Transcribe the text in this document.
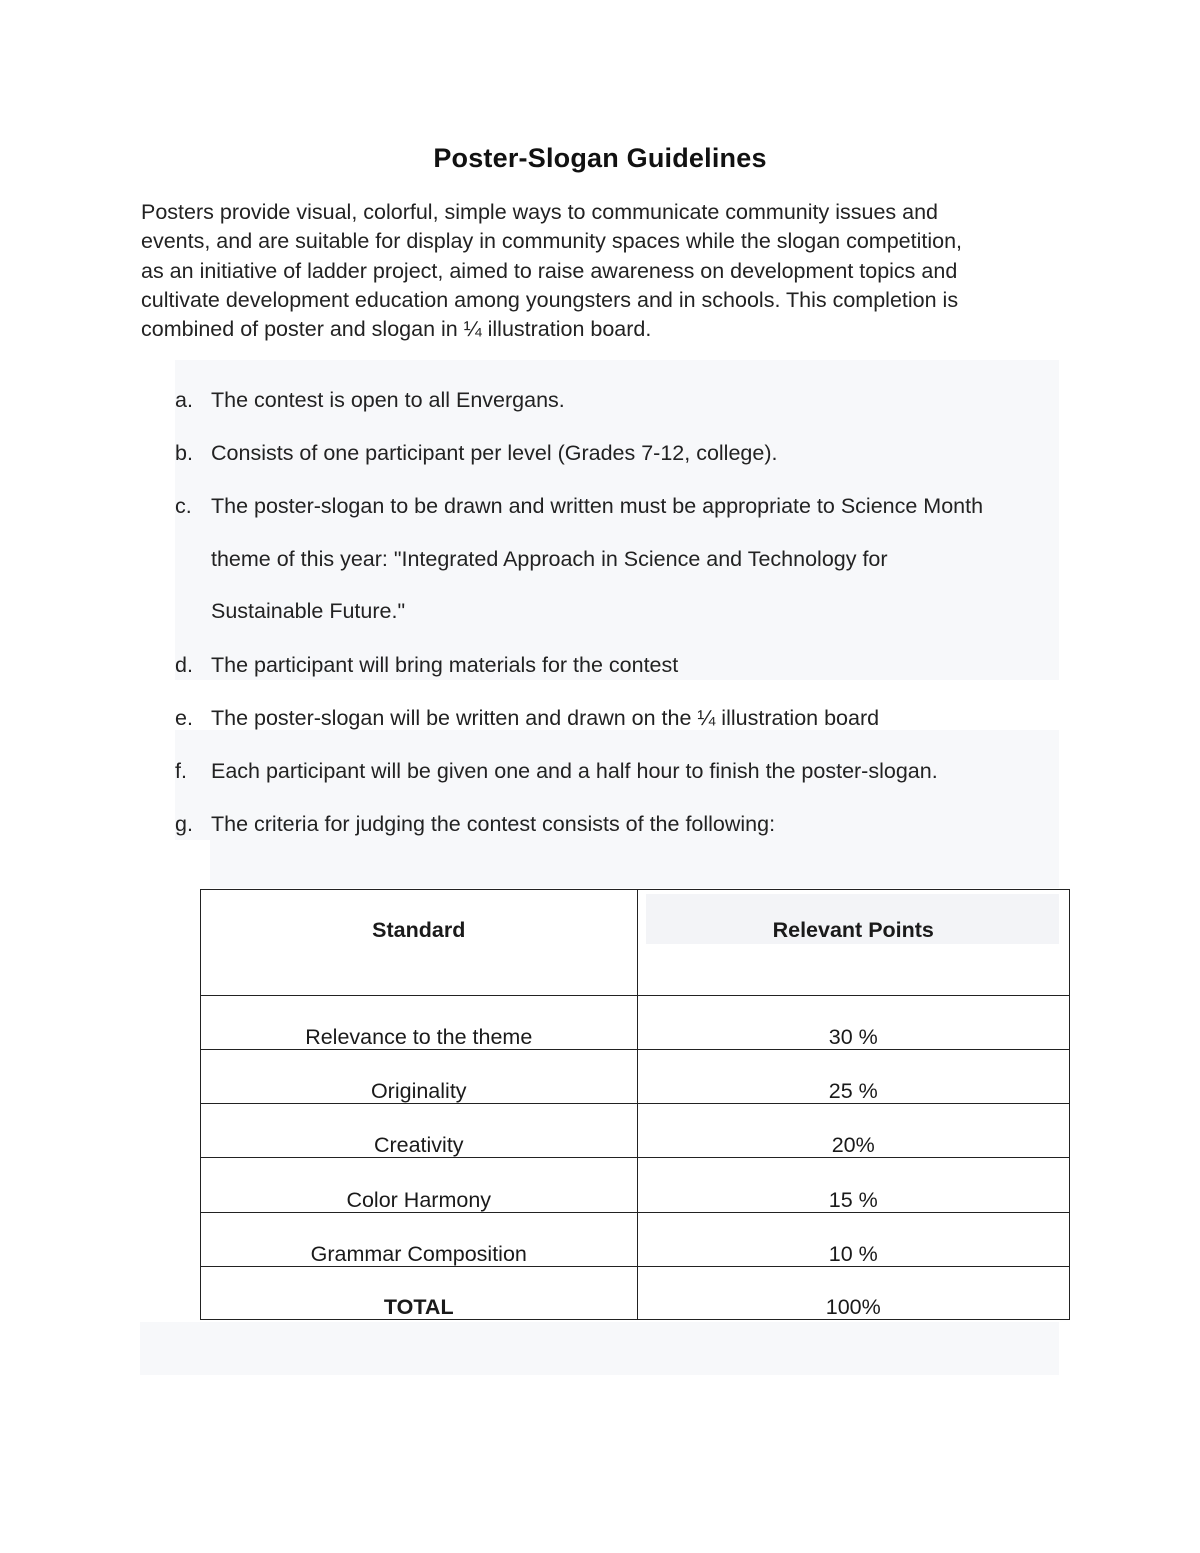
Poster-Slogan Guidelines
Posters provide visual, colorful, simple ways to communicate community issues and
events, and are suitable for display in community spaces while the slogan competition,
as an initiative of ladder project, aimed to raise awareness on development topics and
cultivate development education among youngsters and in schools. This completion is
combined of poster and slogan in ¼ illustration board.
a. The contest is open to all Envergans.
b. Consists of one participant per level (Grades 7-12, college).
c. The poster-slogan to be drawn and written must be appropriate to Science Month
theme of this year: "Integrated Approach in Science and Technology for
Sustainable Future."
d. The participant will bring materials for the contest
e. The poster-slogan will be written and drawn on the ¼ illustration board
f. Each participant will be given one and a half hour to finish the poster-slogan.
g. The criteria for judging the contest consists of the following:
Standard	Relevant Points
Relevance to the theme	30 %
Originality	25 %
Creativity	20%
Color Harmony	15 %
Grammar Composition	10 %
TOTAL	100%
